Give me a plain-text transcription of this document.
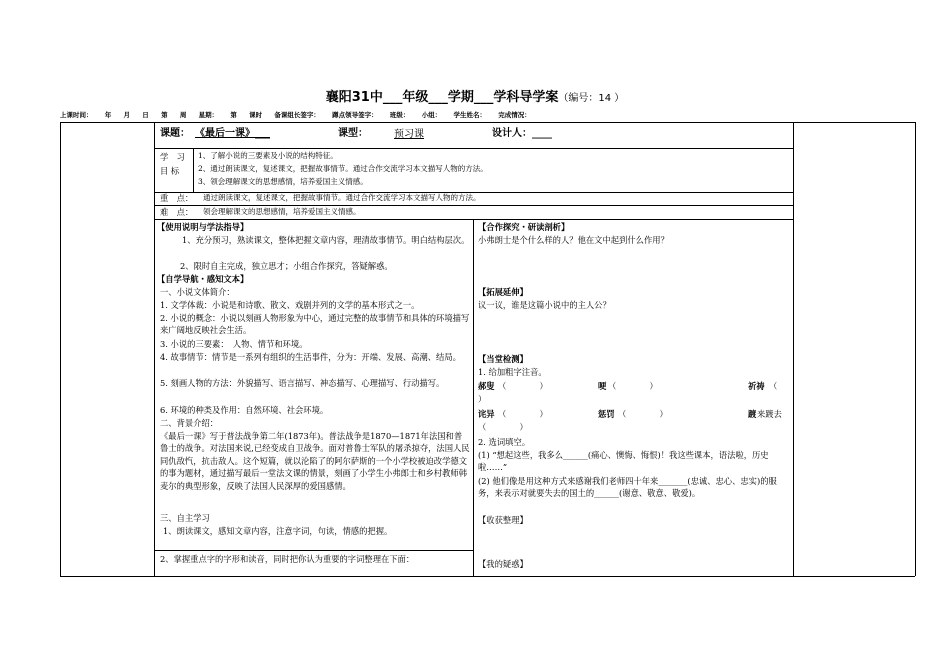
襄阳31中___年级___学期___学科导学案（编号：14 ）
上课时间： 年 月 日 第 周 星期： 第 课时 备课组长签字： 蹲点领导签字： 班级： 小组： 学生姓名： 完成情况：
课题： 《最后一课》___	课型：	预习课	设计人：____
学　习
目 标
1、了解小说的三要素及小说的结构特征。
2、通过朗读课文，复述课文，把握故事情节。通过合作交流学习本文描写人物的方法。
3、领会理解课文的思想感情，培养爱国主义情感。
重　点： 通过朗读课文，复述课文，把握故事情节。通过合作交流学习本文描写人物的方法。
难　点： 领会理解课文的思想感情，培养爱国主义情感。
【使用说明与学法指导】
1、充分预习，熟读课文，整体把握文章内容，理清故事情节。明白结构层次。
2、限时自主完成，独立思才；小组合作探究，答疑解惑。
【自学导航・感知文本】
一、小说文体简介：
1. 文学体裁：小说是和诗歌、散文、戏剧并列的文学的基本形式之一。
2. 小说的概念：小说以刻画人物形象为中心，通过完整的故事情节和具体的环境描写来广阔地反映社会生活。
3. 小说的三要素：　人物、情节和环境。
4. 故事情节：情节是一系列有组织的生活事件，分为：开端、发展、高潮、结局。
5. 刻画人物的方法：外貌描写、语言描写、神态描写、心理描写、行动描写。
6. 环境的种类及作用：自然环境、社会环境。
二、背景介绍：
《最后一课》写于普法战争第二年(1873年)。普法战争是1870—1871年法国和普鲁士的战争。对法国来说,已经变成自卫战争。面对普鲁士军队的屠杀掠夺，法国人民同仇敌忾，抗击敌人。这个短篇，就以沦陷了的阿尔萨斯的一个小学校被迫改学德文的事为题材，通过描写最后一堂法文课的情景，刻画了小学生小弗郎士和乡村教师韩麦尔的典型形象，反映了法国人民深厚的爱国感情。
三、自主学习
1、朗读课文，感知文章内容，注意字词，句读，情感的把握。
2、掌握重点字的字形和读音，同时把你认为重要的字词整理在下面：
【合作探究・研读剖析】
小弗朗士是个什么样的人？他在文中起到什么作用？
【拓展延伸】
议一议，谁是这篇小说中的主人公？
【当堂检测】
1. 给加粗字注音。
郝叟 （　　　　）	哽 （　　　　）	祈祷 （
）
诧异 （　　　　）	惩罚 （　　　　）	踱 来踱去
（　　　　）
2. 选词填空。
(1) “想起这些，我多么______(痛心、懊悔、悔恨)！我这些课本，语法啦，历史啦……”
(2) 他们像是用这种方式来感谢我们老师四十年来_______(忠诚、忠心、忠实)的服务，来表示对就要失去的国土的______(谢意、敬意、敬爱)。
【收获整理】
【我的疑惑】
